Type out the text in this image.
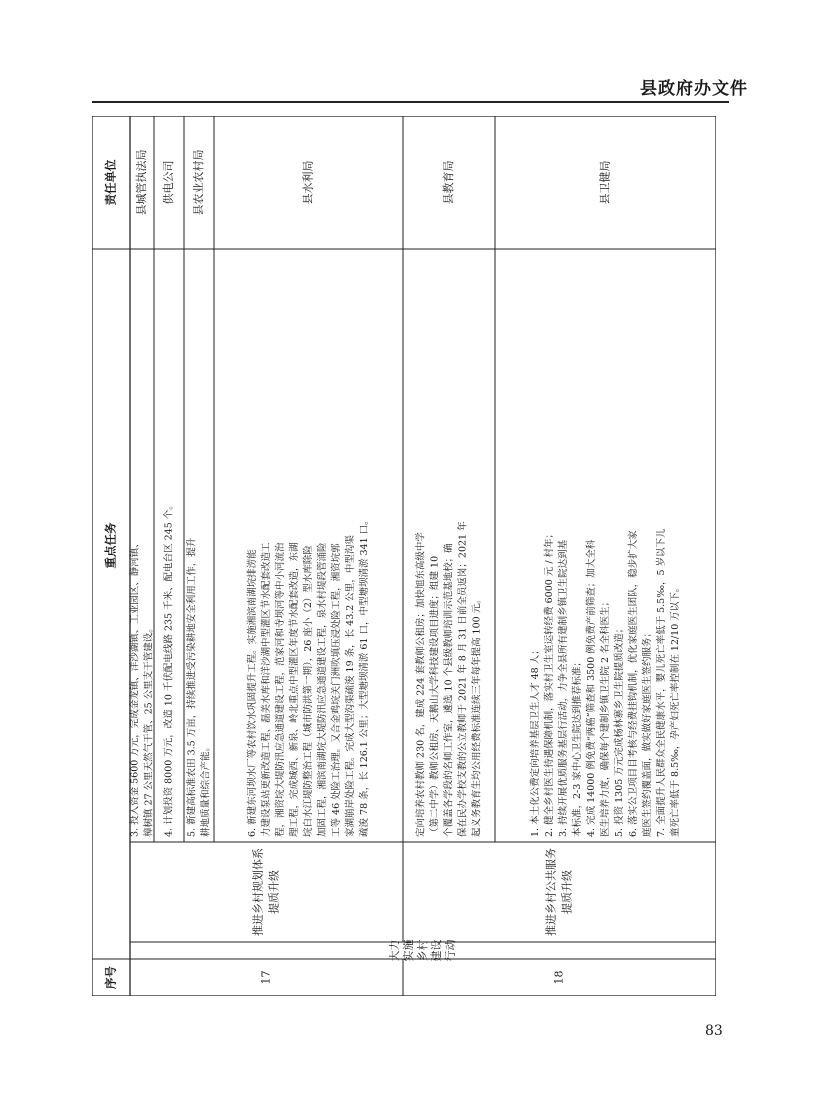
县政府办文件
序号
重点任务
责任单位
大力 实施 乡村 建设 行动
17
推进乡村规划体系 提质升级
3. 投入资金 5600 万元，完成金龙镇、洋沙湖镇、工业园区、静河镇、 樟树镇 27 公里天然气干管、25 公里支干管建设。
县城管执法局
4. 计划投资 8000 万元，改造 10 千伏配电线路 235 千米、配电台区 245 个。
供电公司
5. 新建高标准农田 3.5 万亩，持续推进受污染耕地安全利用工作，提升 耕地质量和综合产能。
县农业农村局
6. 新建东河坝水厂等农村饮水巩固提升工程。实施湘滨南湖垸排涝能 力建设泵站更新改造工程、磊美水库和洋沙湖中型灌区节水配套改造工 程，湘资垸大堤防汛应急通道建设工程，范家河和寺坝河等中小河流治 理工程，完成城西、新泉、岭北重点中型灌区年度节水配套改造，东湖 垸白水江堤防整治工程（城市防洪第一期），26 座小（2）型水库除险 加固工程，湘滨南湖垸大堤防汛应急通道建设工程，泉水村堤段管涌险 工等 46 处险工治理。又合金鸡垸关门洲吹填压浸处险工程，湘资垸郭 家湖崩岸处险工程。完成大型沟渠疏浚 19 条，长 43.2 公里，中型沟渠 疏浚 78 条，长 126.1 公里；大型塘坝清淤 61 口，中型塘坝清淤 341 口。
县水利局
18
推进乡村公共服务 提质升级
定向培养农村教师 230 名，建成 224 套教师公租房；加快旭东高级中学 （第二中学）教师公租房、天鹅山大学科技建设项目进度；组建 10 个覆盖各学段的名师工作室，遴选 10 个县级教师培训示范基地校；确 保在民办学校支教的公立教师于 2021 年 8 月 31 日前全员返岗；2021 年 起义务教育生均公用经费标准连续三年每年提高 100 元。
县教育局
1. 本土化公费定向培养基层卫生人才 48 人； 2. 健全乡村医生待遇保障机制，落实村卫生室运转经费 6000 元 / 村年； 3. 持续开展优质服务基层行活动，力争全县所有建制乡镇卫生院达到基 本标准，2-3 家中心卫生院达到推荐标准； 4. 完成 14000 例免费“两癌”筛查和 3500 例免费产前筛查；加大全科 医生培养力度，确保每个建制乡镇卫生院 2 名全科医生； 5. 投资 1305 万元完成杨林寨乡卫生院提质改造； 6. 落实公卫项目目考核与经费挂钩机制，优化家庭医生团队，稳步扩大家 庭医生签约覆盖面，做实做好家庭医生签约服务； 7. 全面提升人民群众全民健康水平，婴儿死亡率低于 5.5‰，5 岁以下儿 童死亡率低于 8.5‰，孕产妇死亡率控制在 12/10 万以下。
县卫健局
83
